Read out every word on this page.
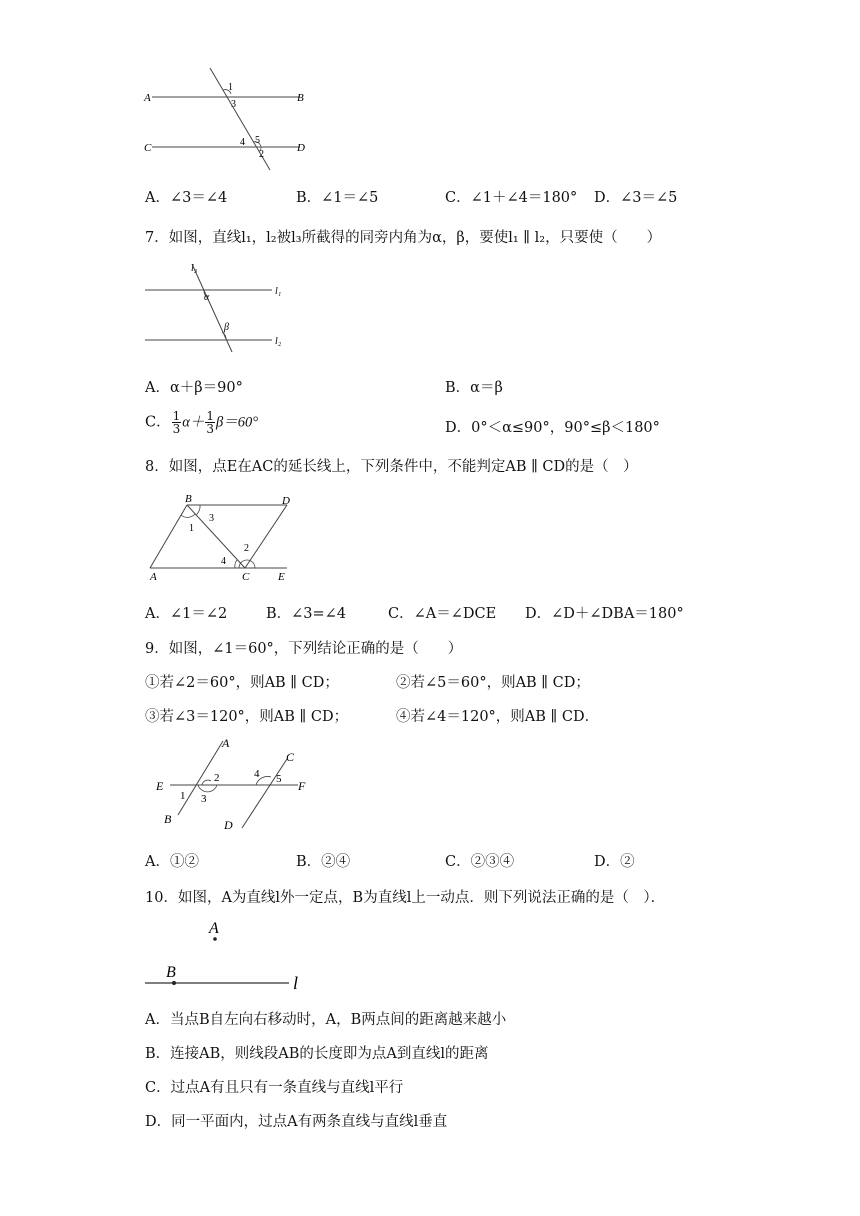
A	B
C	D
1
3
4 5
2
A．∠3＝∠4	B．∠1＝∠5	C．∠1＋∠4＝180° D．∠3＝∠5
7．如图，直线l₁，l₂被l₃所截得的同旁内角为α，β，要使l₁ ∥ l₂，只要使（　　）
l₃
l₁
l₂
α
β
A．α＋β＝90°	B．α＝β
C． $\frac{1}{3} \alpha+ \frac{1}{3} \beta=60^\circ$	D．0°＜α≤90°，90°≤β＜180°
8．如图，点E在AC的延长线上，下列条件中，不能判定AB ∥ CD的是（　）
B	D
A	C	E
1
3
2
4
A．∠1＝∠2	B．∠3=∠4	C．∠A＝∠DCE D．∠D＋∠DBA＝180°
9．如图，∠1＝60°，下列结论正确的是（　　）
①若∠2＝60°，则AB ∥ CD；	②若∠5＝60°，则AB ∥ CD；
③若∠3＝120°，则AB ∥ CD；	④若∠4＝120°，则AB ∥ CD．
A
C
E	F
B	D
2
1 3
4 5
A．①②	B．②④	C．②③④	D．②
10．如图，A为直线l外一定点，B为直线l上一动点．则下列说法正确的是（　）．
A
B
l
A．当点B自左向右移动时，A，B两点间的距离越来越小
B．连接AB，则线段AB的长度即为点A到直线l的距离
C．过点A有且只有一条直线与直线l平行
D．同一平面内，过点A有两条直线与直线l垂直
